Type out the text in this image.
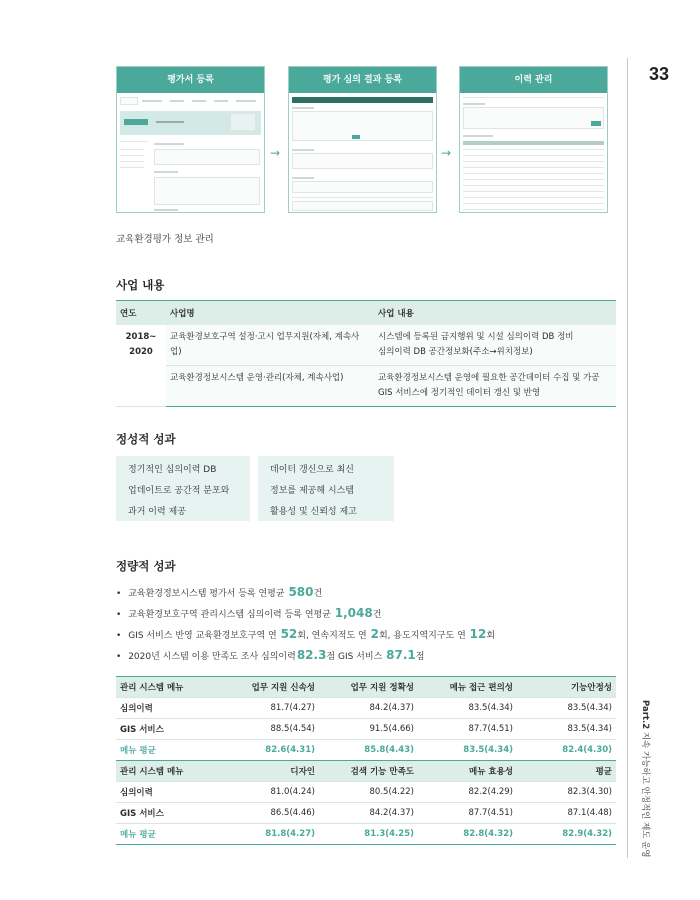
33
Part.2 지속 가능하고 안정적인 제도 운영
평가서 등록
→
평가 심의 결과 등록
→
이력 관리
교육환경평가 정보 관리
사업 내용
연도	사업명	사업 내용
2018~
2020	교육환경보호구역 설정·고시 업무지원(자체, 계속사업)	시스템에 등록된 금지행위 및 시설 심의이력 DB 정비
심의이력 DB 공간정보화(주소→위치정보)
	교육환경정보시스템 운영·관리(자체, 계속사업)	교육환경정보시스템 운영에 필요한 공간데이터 수집 및 가공
GIS 서비스에 정기적인 데이터 갱신 및 반영
정성적 성과
정기적인 심의이력 DB
업데이트로 공간적 분포와
과거 이력 제공
데이터 갱신으로 최신
정보를 제공해 시스템
활용성 및 신뢰성 제고
정량적 성과
• 교육환경정보시스템 평가서 등록 연평균 580건
• 교육환경보호구역 관리시스템 심의이력 등록 연평균 1,048건
• GIS 서비스 반영 교육환경보호구역 연 52회, 연속지적도 연 2회, 용도지역지구도 연 12회
• 2020년 시스템 이용 만족도 조사 심의이력82.3점 GIS 서비스 87.1점
관리 시스템 메뉴	업무 지원 신속성	업무 지원 정확성	메뉴 접근 편의성	기능안정성
심의이력	81.7(4.27)	84.2(4.37)	83.5(4.34)	83.5(4.34)
GIS 서비스	88.5(4.54)	91.5(4.66)	87.7(4.51)	83.5(4.34)
메뉴 평균	82.6(4.31)	85.8(4.43)	83.5(4.34)	82.4(4.30)
관리 시스템 메뉴	디자인	검색 기능 만족도	메뉴 효용성	평균
심의이력	81.0(4.24)	80.5(4.22)	82.2(4.29)	82.3(4.30)
GIS 서비스	86.5(4.46)	84.2(4.37)	87.7(4.51)	87.1(4.48)
메뉴 평균	81.8(4.27)	81.3(4.25)	82.8(4.32)	82.9(4.32)
